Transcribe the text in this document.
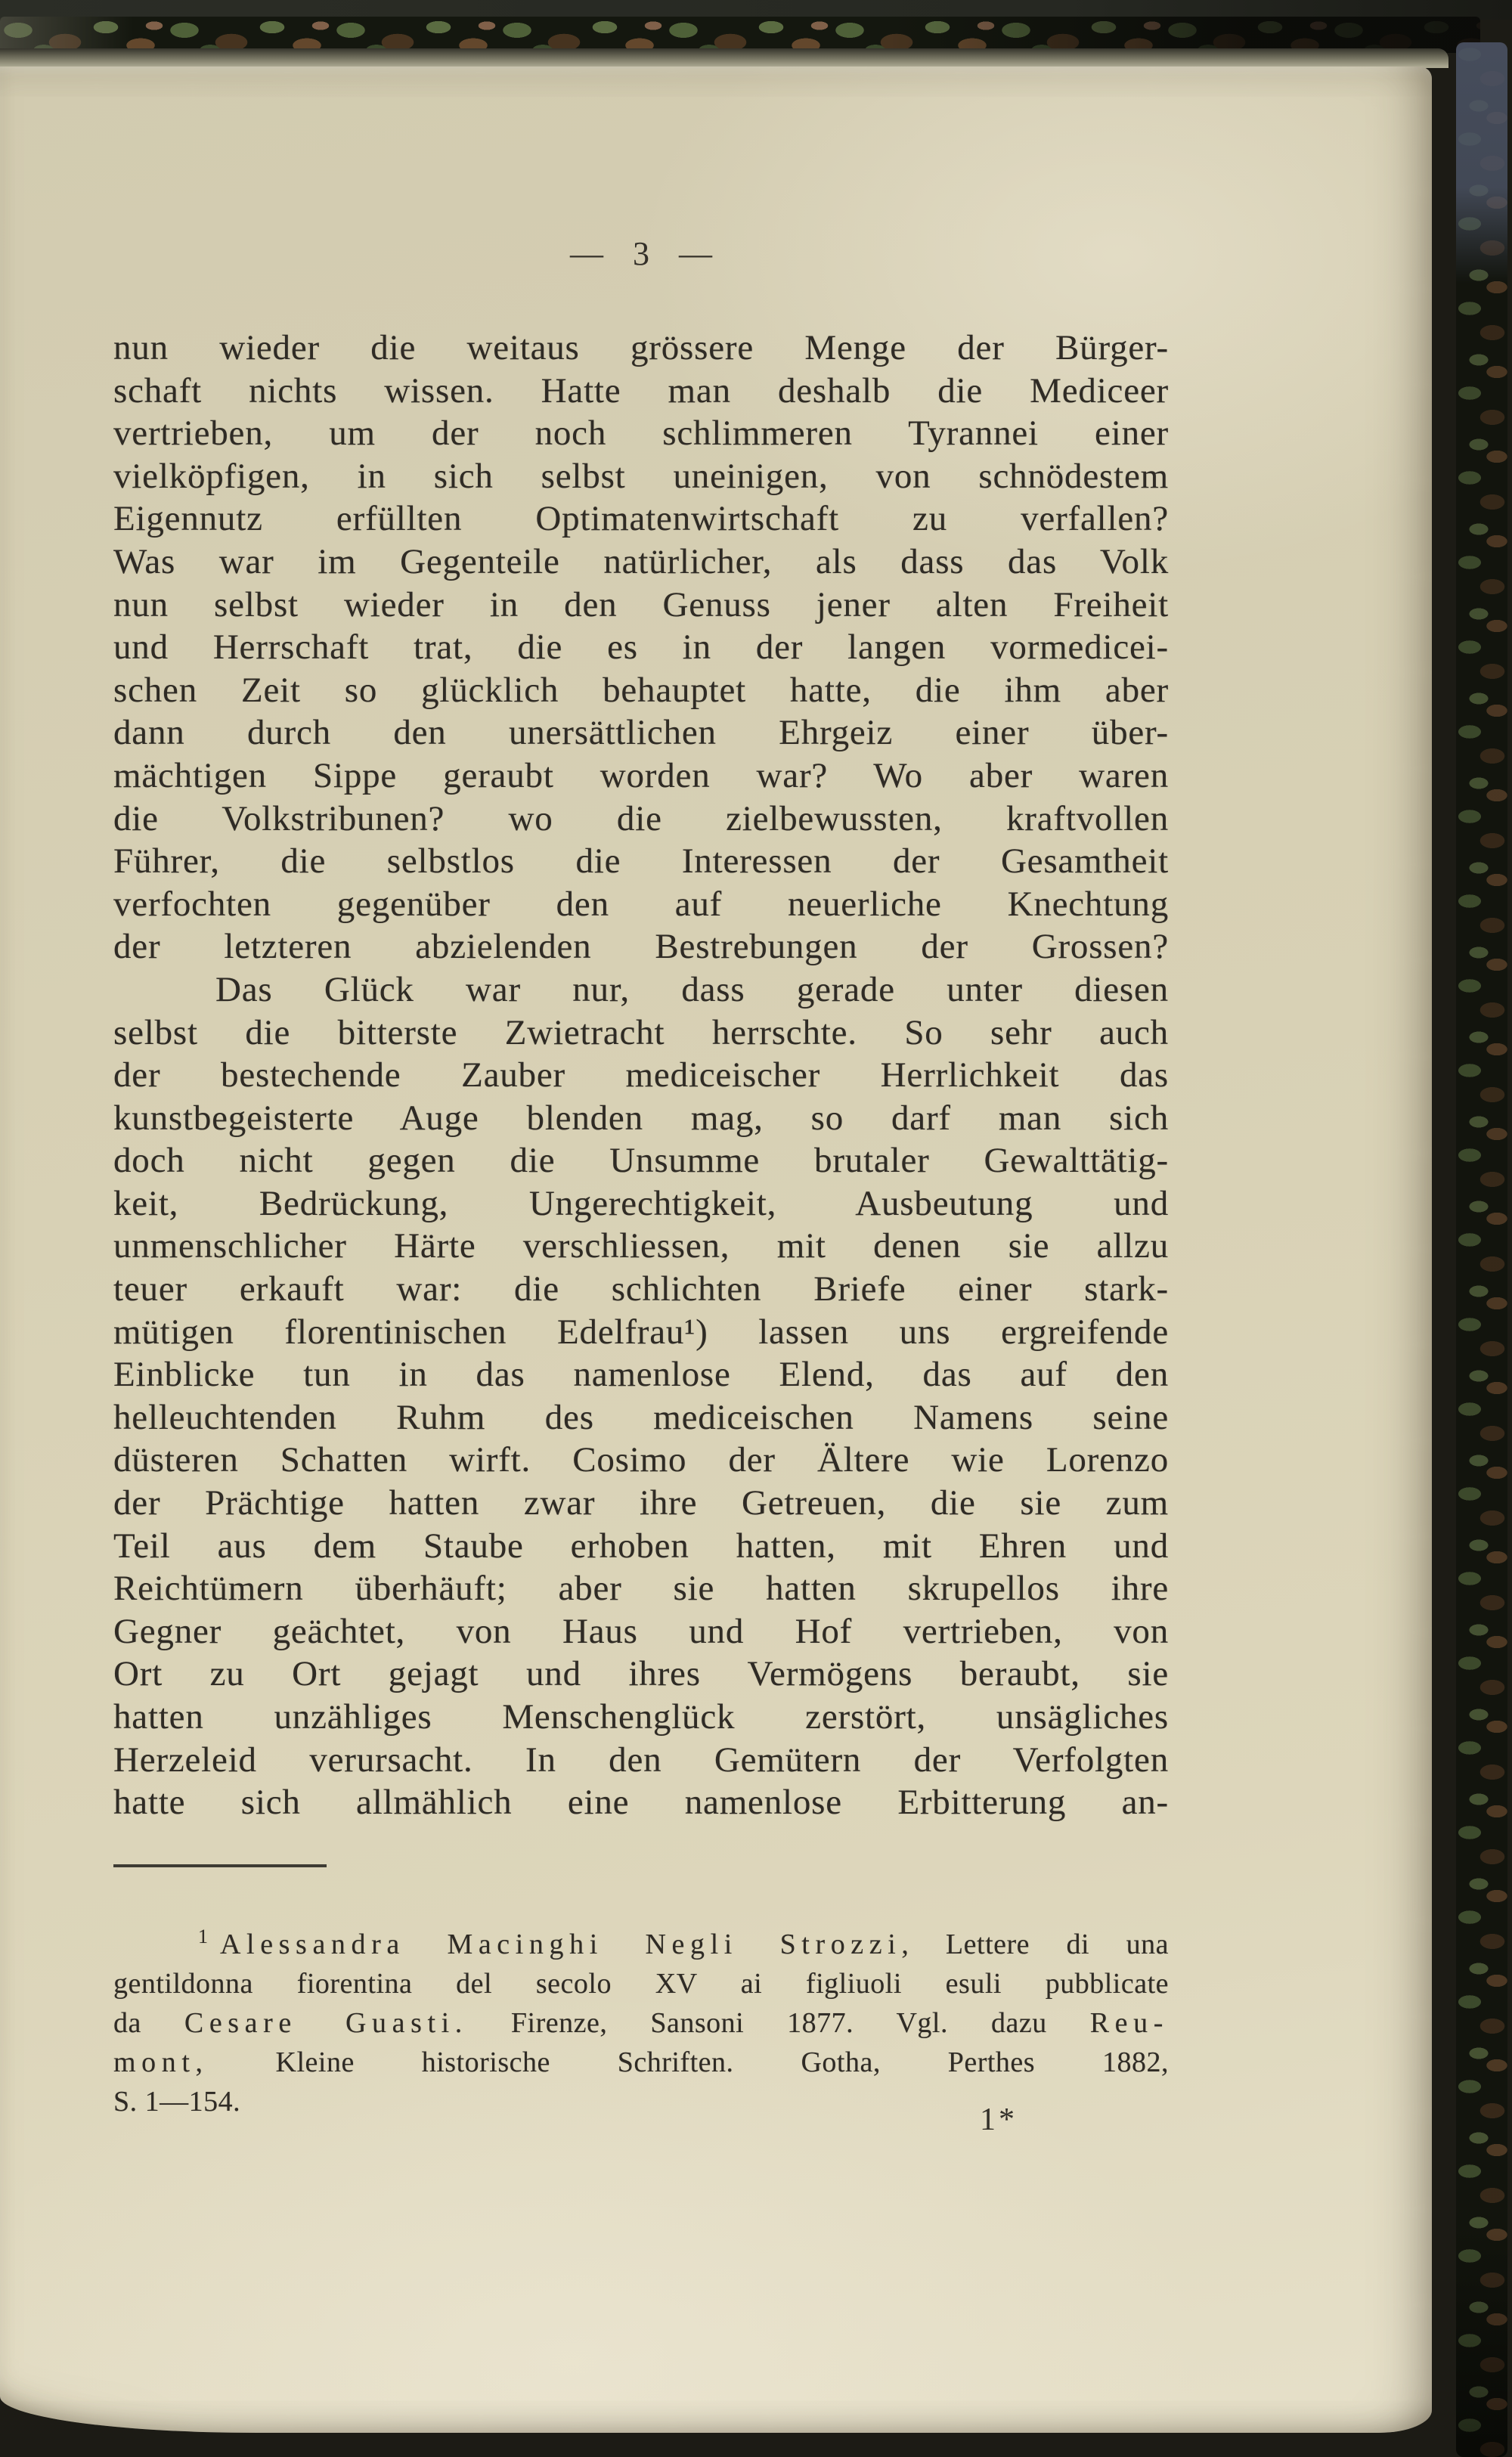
— 3 —
nun wieder die weitaus grössere Menge der Bürger-
schaft nichts wissen. Hatte man deshalb die Mediceer
vertrieben, um der noch schlimmeren Tyrannei einer
vielköpfigen, in sich selbst uneinigen, von schnödestem
Eigennutz erfüllten Optimatenwirtschaft zu verfallen?
Was war im Gegenteile natürlicher, als dass das Volk
nun selbst wieder in den Genuss jener alten Freiheit
und Herrschaft trat, die es in der langen vormedicei-
schen Zeit so glücklich behauptet hatte, die ihm aber
dann durch den unersättlichen Ehrgeiz einer über-
mächtigen Sippe geraubt worden war? Wo aber waren
die Volkstribunen? wo die zielbewussten, kraftvollen
Führer, die selbstlos die Interessen der Gesamtheit
verfochten gegenüber den auf neuerliche Knechtung
der letzteren abzielenden Bestrebungen der Grossen?
Das Glück war nur, dass gerade unter diesen
selbst die bitterste Zwietracht herrschte. So sehr auch
der bestechende Zauber mediceischer Herrlichkeit das
kunstbegeisterte Auge blenden mag, so darf man sich
doch nicht gegen die Unsumme brutaler Gewalttätig-
keit, Bedrückung, Ungerechtigkeit, Ausbeutung und
unmenschlicher Härte verschliessen, mit denen sie allzu
teuer erkauft war: die schlichten Briefe einer stark-
mütigen florentinischen Edelfrau¹) lassen uns ergreifende
Einblicke tun in das namenlose Elend, das auf den
helleuchtenden Ruhm des mediceischen Namens seine
düsteren Schatten wirft. Cosimo der Ältere wie Lorenzo
der Prächtige hatten zwar ihre Getreuen, die sie zum
Teil aus dem Staube erhoben hatten, mit Ehren und
Reichtümern überhäuft; aber sie hatten skrupellos ihre
Gegner geächtet, von Haus und Hof vertrieben, von
Ort zu Ort gejagt und ihres Vermögens beraubt, sie
hatten unzähliges Menschenglück zerstört, unsägliches
Herzeleid verursacht. In den Gemütern der Verfolgten
hatte sich allmählich eine namenlose Erbitterung an-
$^1$ Alessandra Macinghi Negli Strozzi, Lettere di una
gentildonna fiorentina del secolo XV ai figliuoli esuli pubblicate
da Cesare Guasti. Firenze, Sansoni 1877. Vgl. dazu Reu-
mont, Kleine historische Schriften. Gotha, Perthes 1882,
S. 1—154.
1*
